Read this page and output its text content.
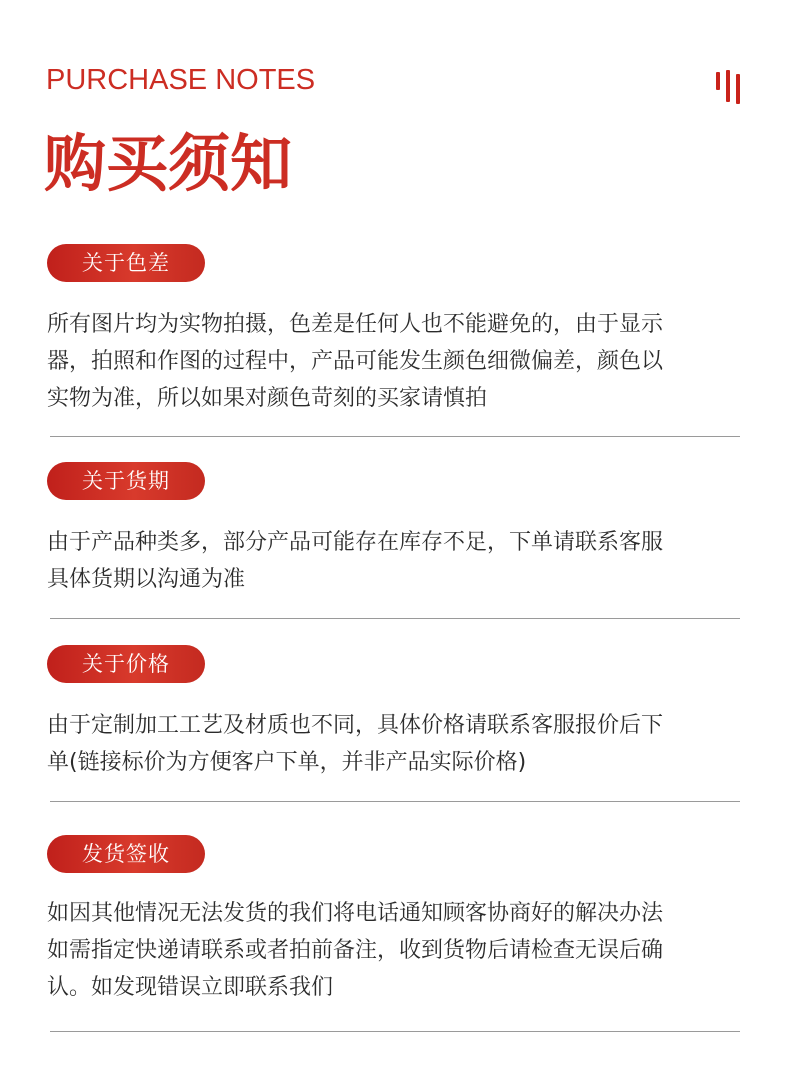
PURCHASE NOTES
购买须知
关于色差
所有图片均为实物拍摄，色差是任何人也不能避免的，由于显示
器，拍照和作图的过程中，产品可能发生颜色细微偏差，颜色以
实物为准，所以如果对颜色苛刻的买家请慎拍
关于货期
由于产品种类多，部分产品可能存在库存不足，下单请联系客服
具体货期以沟通为准
关于价格
由于定制加工工艺及材质也不同，具体价格请联系客服报价后下
单(链接标价为方便客户下单，并非产品实际价格)
发货签收
如因其他情况无法发货的我们将电话通知顾客协商好的解决办法
如需指定快递请联系或者拍前备注，收到货物后请检查无误后确
认。如发现错误立即联系我们
